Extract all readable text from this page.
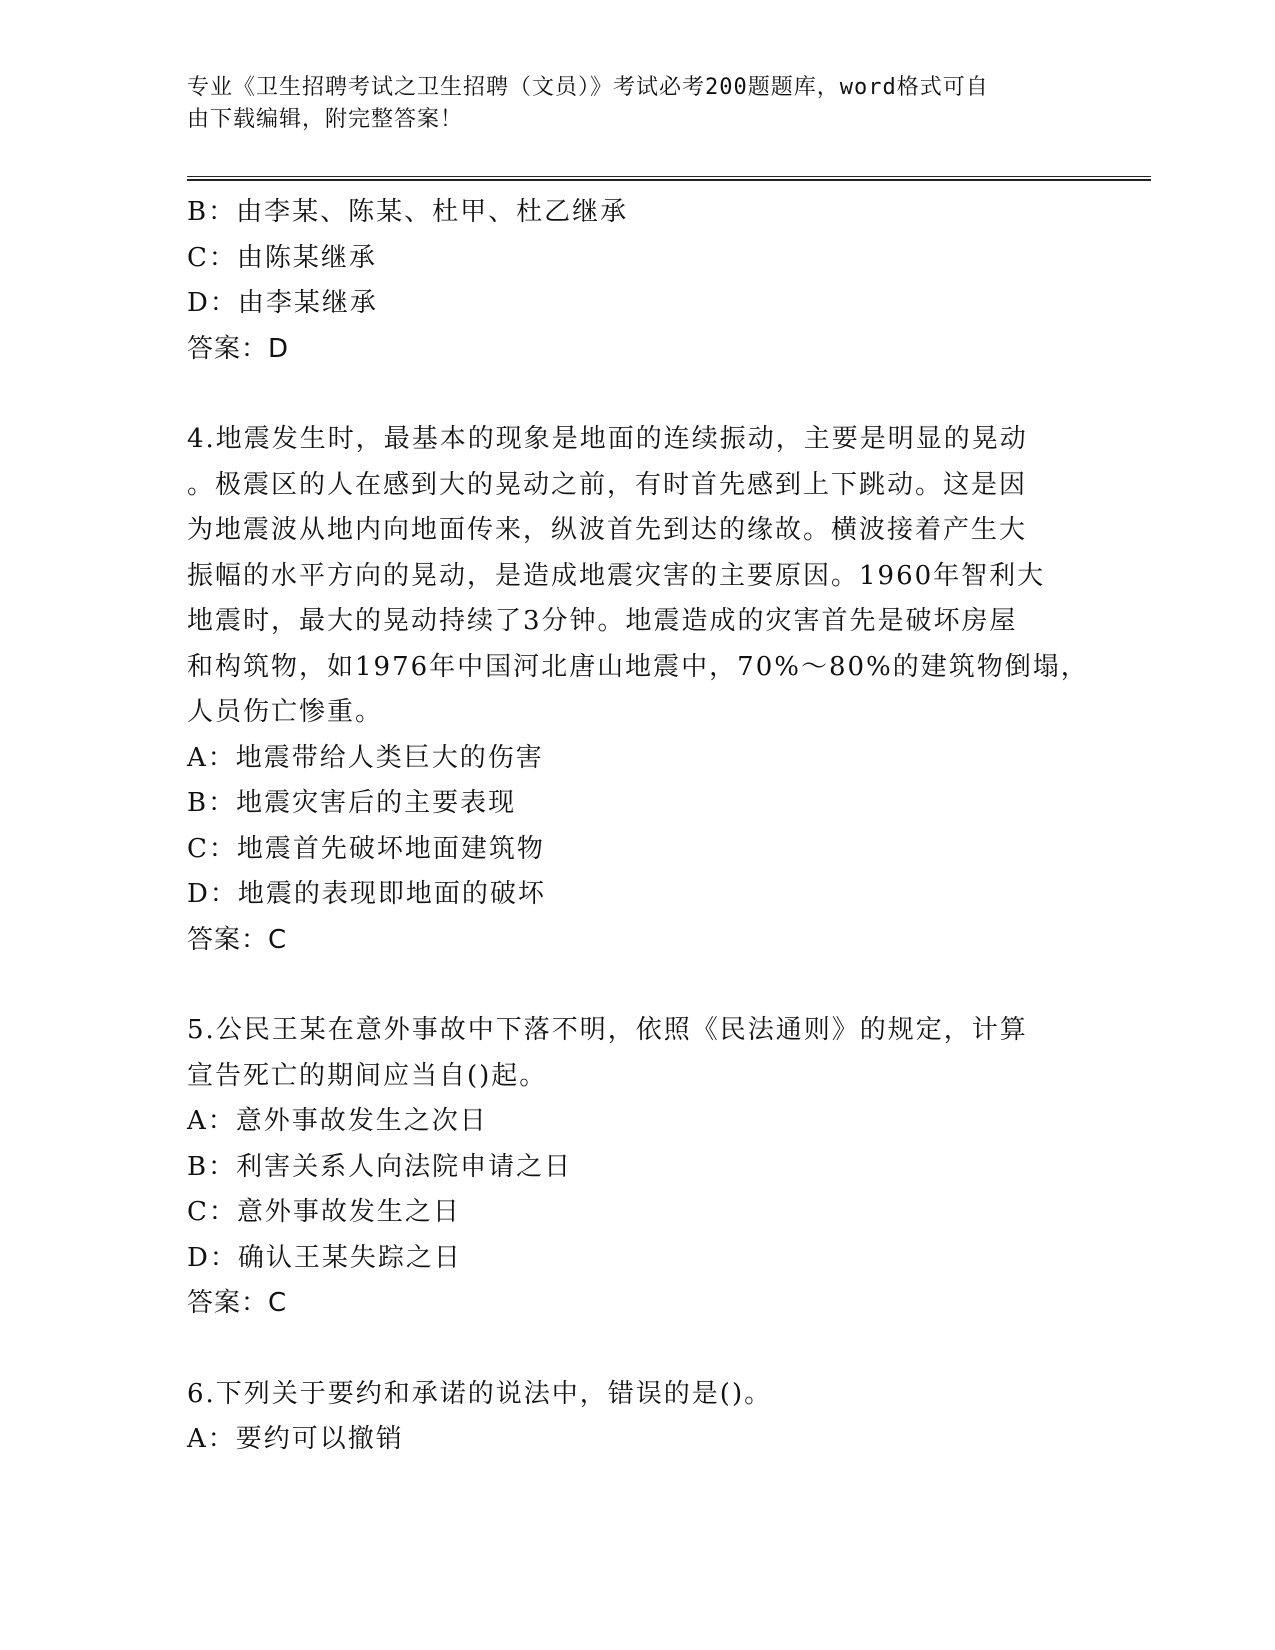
专业《卫生招聘考试之卫生招聘（文员）》考试必考200题题库，word格式可自
由下载编辑，附完整答案！
B：由李某、陈某、杜甲、杜乙继承
C：由陈某继承
D：由李某继承
答案：D
4.地震发生时，最基本的现象是地面的连续振动，主要是明显的晃动
。极震区的人在感到大的晃动之前，有时首先感到上下跳动。这是因
为地震波从地内向地面传来，纵波首先到达的缘故。横波接着产生大
振幅的水平方向的晃动，是造成地震灾害的主要原因。1960年智利大
地震时，最大的晃动持续了3分钟。地震造成的灾害首先是破坏房屋
和构筑物，如1976年中国河北唐山地震中，70%～80%的建筑物倒塌，
人员伤亡惨重。
A：地震带给人类巨大的伤害
B：地震灾害后的主要表现
C：地震首先破坏地面建筑物
D：地震的表现即地面的破坏
答案：C
5.公民王某在意外事故中下落不明，依照《民法通则》的规定，计算
宣告死亡的期间应当自()起。
A：意外事故发生之次日
B：利害关系人向法院申请之日
C：意外事故发生之日
D：确认王某失踪之日
答案：C
6.下列关于要约和承诺的说法中，错误的是()。
A：要约可以撤销
